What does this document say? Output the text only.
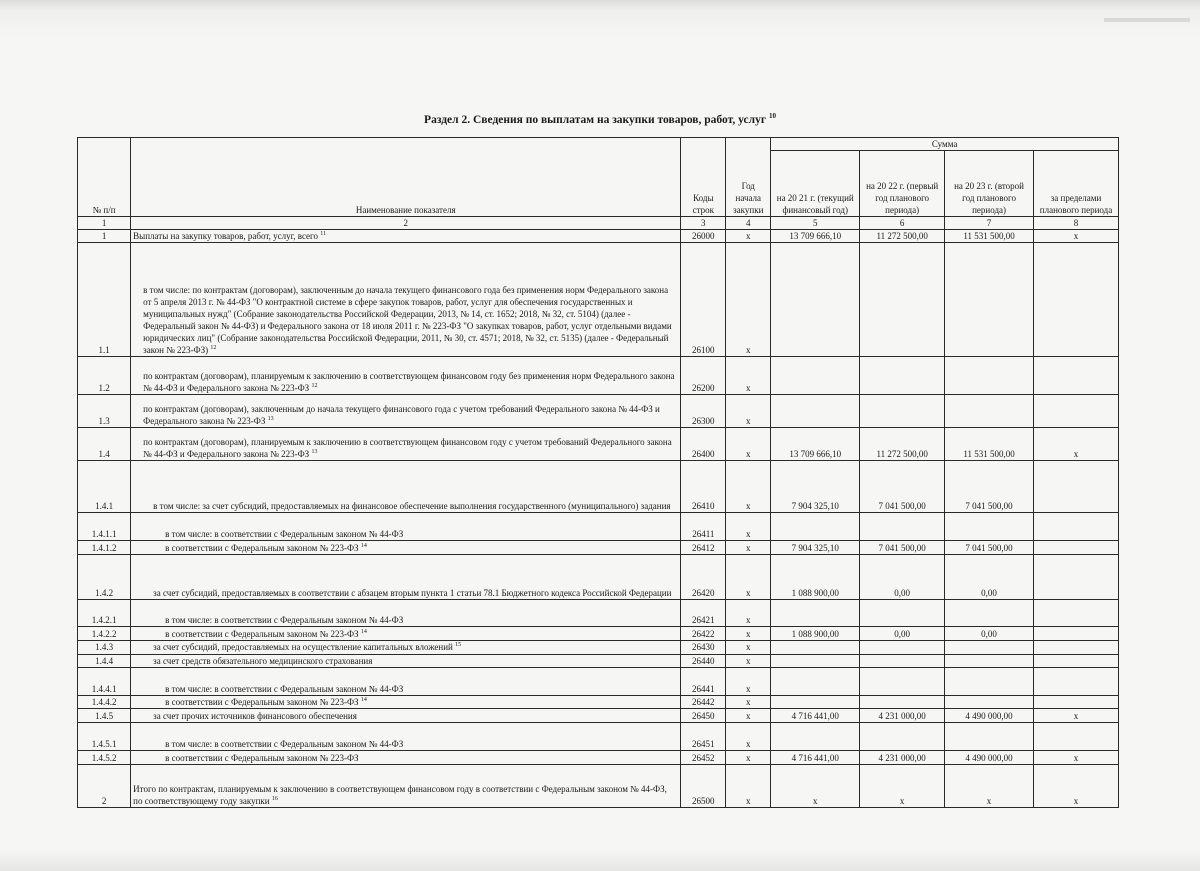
Раздел 2. Сведения по выплатам на закупки товаров, работ, услуг $^{10}$
№ п/п	Наименование показателя	Коды строк	Год начала закупки	Сумма			
				на 20 21 г. (текущий финансовый год)	на 20 22 г. (первый год планового периода)	на 20 23 г. (второй год планового периода)	за пределами планового периода
1	2	3	4	5	6	7	8
1	Выплаты на закупку товаров, работ, услуг, всего $^{11}$	26000	х	13 709 666,10	11 272 500,00	11 531 500,00	х
1.1	в том числе: по контрактам (договорам), заключенным до начала текущего финансового года без применения норм Федерального закона от 5 апреля 2013 г. № 44-ФЗ "О контрактной системе в сфере закупок товаров, работ, услуг для обеспечения государственных и муниципальных нужд" (Собрание законодательства Российской Федерации, 2013, № 14, ст. 1652; 2018, № 32, ст. 5104) (далее - Федеральный закон № 44-ФЗ) и Федерального закона от 18 июля 2011 г. № 223-ФЗ "О закупках товаров, работ, услуг отдельными видами юридических лиц" (Собрание законодательства Российской Федерации, 2011, № 30, ст. 4571; 2018, № 32, ст. 5135) (далее - Федеральный закон № 223-ФЗ) $^{12}$	26100	х				
1.2	по контрактам (договорам), планируемым к заключению в соответствующем финансовом году без применения норм Федерального закона № 44-ФЗ и Федерального закона № 223-ФЗ $^{12}$	26200	х				
1.3	по контрактам (договорам), заключенным до начала текущего финансового года с учетом требований Федерального закона № 44-ФЗ и Федерального закона № 223-ФЗ $^{13}$	26300	х				
1.4	по контрактам (договорам), планируемым к заключению в соответствующем финансовом году с учетом требований Федерального закона № 44-ФЗ и Федерального закона № 223-ФЗ $^{13}$	26400	х	13 709 666,10	11 272 500,00	11 531 500,00	х
1.4.1	в том числе: за счет субсидий, предоставляемых на финансовое обеспечение выполнения государственного (муниципального) задания	26410	х	7 904 325,10	7 041 500,00	7 041 500,00	
1.4.1.1	в том числе: в соответствии с Федеральным законом № 44-ФЗ	26411	х				
1.4.1.2	в соответствии с Федеральным законом № 223-ФЗ $^{14}$	26412	х	7 904 325,10	7 041 500,00	7 041 500,00	
1.4.2	за счет субсидий, предоставляемых в соответствии с абзацем вторым пункта 1 статьи 78.1 Бюджетного кодекса Российской Федерации	26420	х	1 088 900,00	0,00	0,00	
1.4.2.1	в том числе: в соответствии с Федеральным законом № 44-ФЗ	26421	х				
1.4.2.2	в соответствии с Федеральным законом № 223-ФЗ $^{14}$	26422	х	1 088 900,00	0,00	0,00	
1.4.3	за счет субсидий, предоставляемых на осуществление капитальных вложений $^{15}$	26430	х				
1.4.4	за счет средств обязательного медицинского страхования	26440	х				
1.4.4.1	в том числе: в соответствии с Федеральным законом № 44-ФЗ	26441	х				
1.4.4.2	в соответствии с Федеральным законом № 223-ФЗ $^{14}$	26442	х				
1.4.5	за счет прочих источников финансового обеспечения	26450	х	4 716 441,00	4 231 000,00	4 490 000,00	х
1.4.5.1	в том числе: в соответствии с Федеральным законом № 44-ФЗ	26451	х				
1.4.5.2	в соответствии с Федеральным законом № 223-ФЗ	26452	х	4 716 441,00	4 231 000,00	4 490 000,00	х
2	Итого по контрактам, планируемым к заключению в соответствующем финансовом году в соответствии с Федеральным законом № 44-ФЗ, по соответствующему году закупки $^{16}$	26500	х	х	х	х	х
